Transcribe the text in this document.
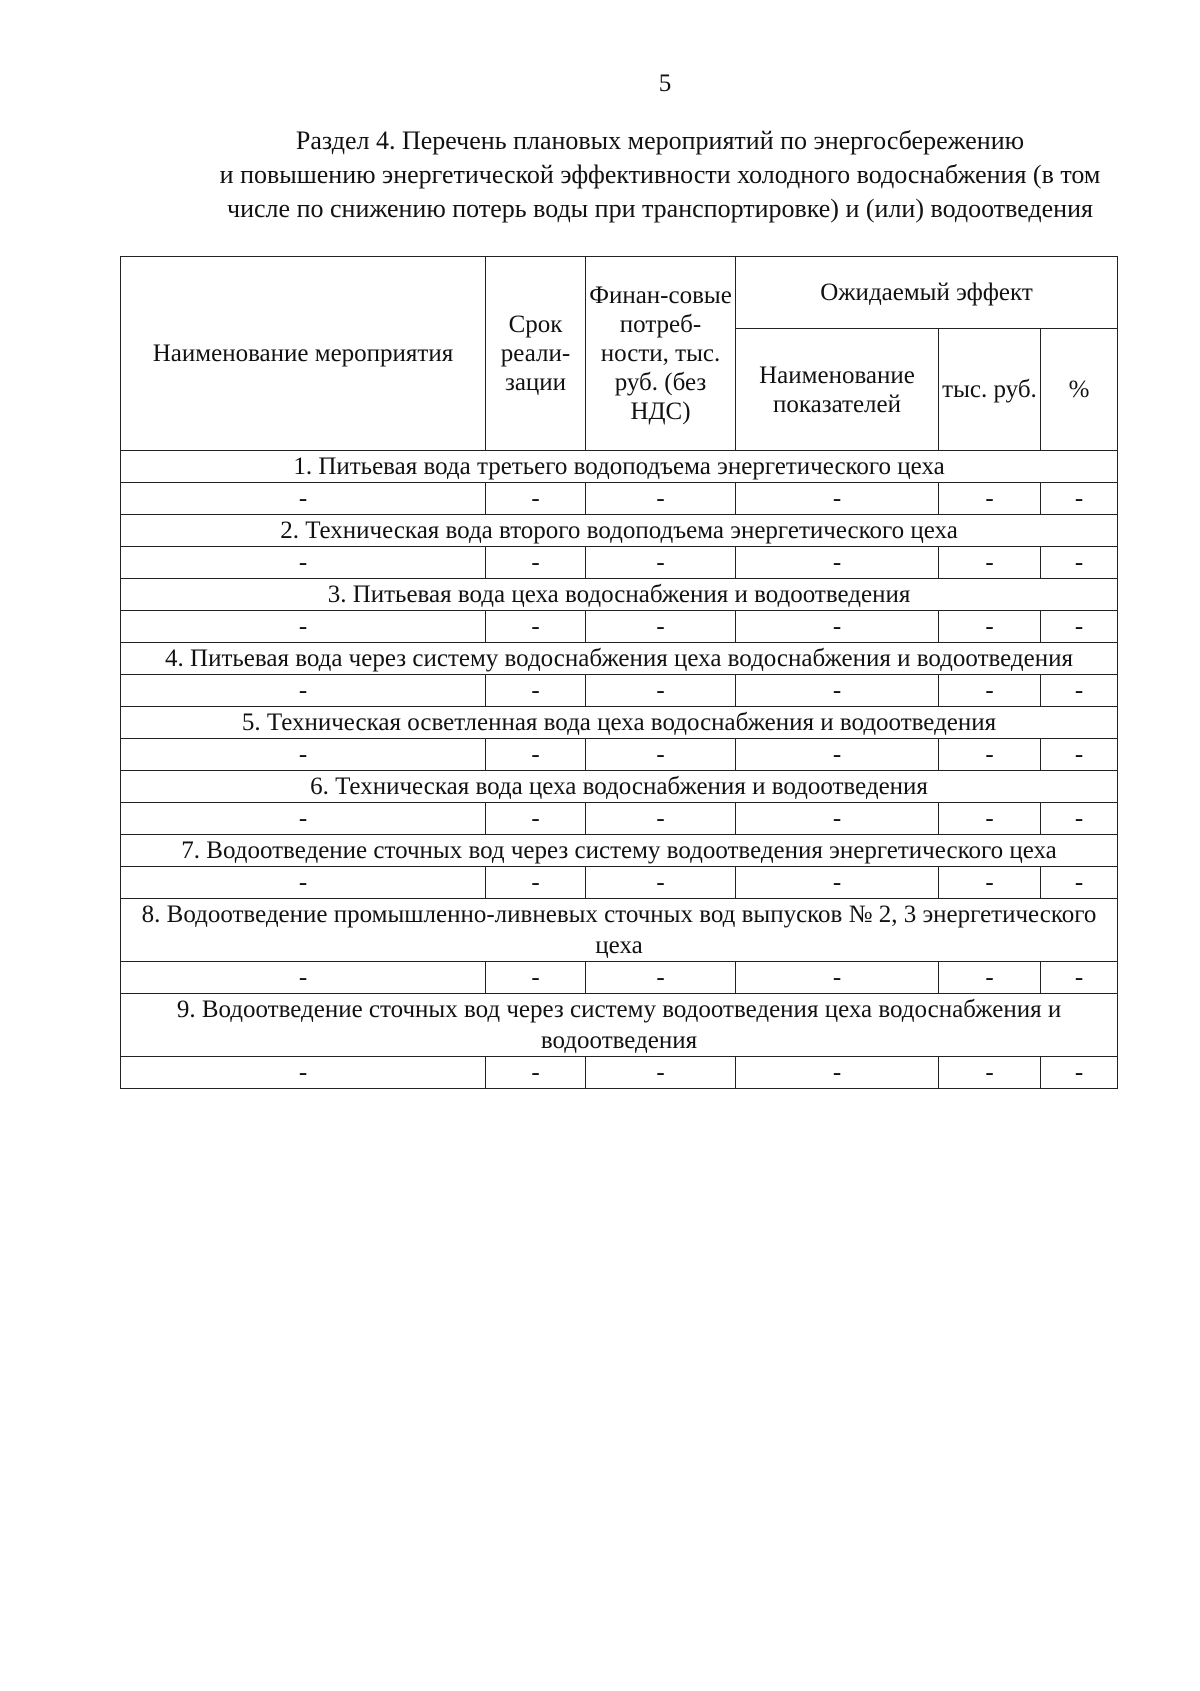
5
Раздел 4. Перечень плановых мероприятий по энергосбережению
и повышению энергетической эффективности холодного водоснабжения (в том
числе по снижению потерь воды при транспортировке) и (или) водоотведения
Наименование мероприятия	Срок реали-зации	Финан-совые потреб-ности, тыс. руб. (без НДС)	Ожидаемый эффект		
			Наименование показателей	тыс. руб.	%
1. Питьевая вода третьего водоподъема энергетического цеха					
-	-	-	-	-	-
2. Техническая вода второго водоподъема энергетического цеха					
-	-	-	-	-	-
3. Питьевая вода цеха водоснабжения и водоотведения					
-	-	-	-	-	-
4. Питьевая вода через систему водоснабжения цеха водоснабжения и водоотведения					
-	-	-	-	-	-
5. Техническая осветленная вода цеха водоснабжения и водоотведения					
-	-	-	-	-	-
6. Техническая вода цеха водоснабжения и водоотведения					
-	-	-	-	-	-
7. Водоотведение сточных вод через систему водоотведения энергетического цеха					
-	-	-	-	-	-
8. Водоотведение промышленно-ливневых сточных вод выпусков № 2, 3 энергетического цеха					
-	-	-	-	-	-
9. Водоотведение сточных вод через систему водоотведения цеха водоснабжения и водоотведения					
-	-	-	-	-	-
